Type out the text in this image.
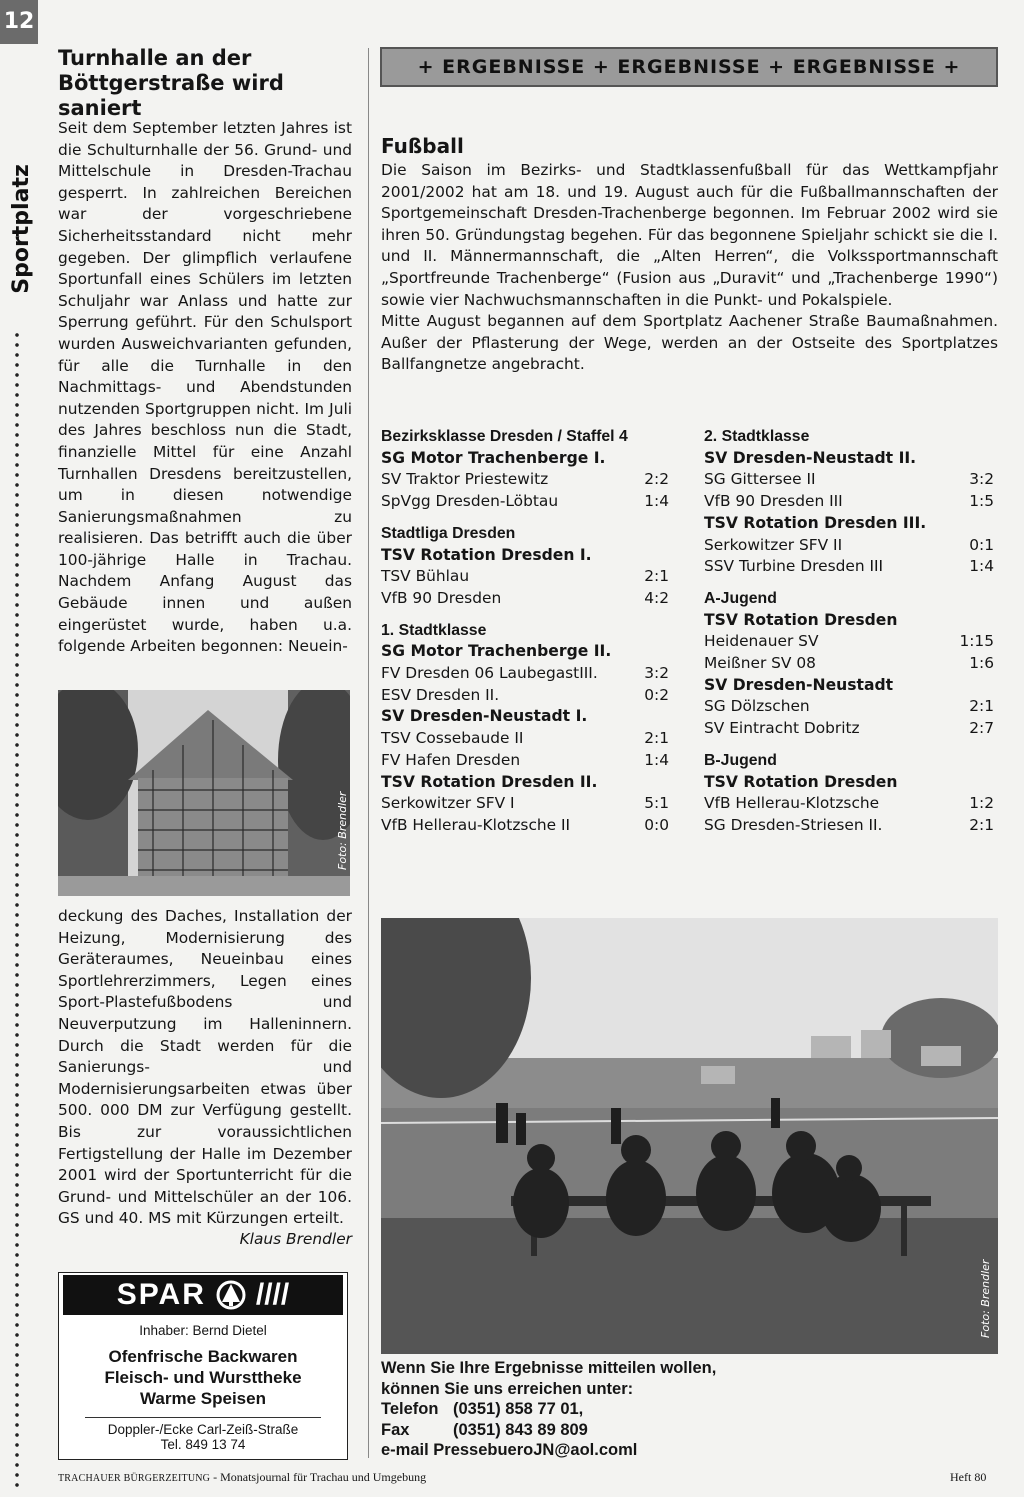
12
Sportplatz
Turnhalle an der Böttgerstraße wird saniert
Seit dem September letzten Jahres ist die Schulturnhalle der 56. Grund- und Mittelschule in Dresden-Trachau gesperrt. In zahlreichen Bereichen war der vorgeschriebene Sicherheitsstandard nicht mehr gegeben. Der glimpflich verlaufene Sportunfall eines Schülers im letzten Schuljahr war Anlass und hatte zur Sperrung geführt. Für den Schulsport wurden Ausweichvarianten gefunden, für alle die Turnhalle in den Nachmittags- und Abendstunden nutzenden Sportgruppen nicht. Im Juli des Jahres beschloss nun die Stadt, finanzielle Mittel für eine Anzahl Turnhallen Dresdens bereitzustellen, um in diesen notwendige Sanierungsmaßnahmen zu realisieren. Das betrifft auch die über 100-jährige Halle in Trachau. Nachdem Anfang August das Gebäude innen und außen eingerüstet wurde, haben u.a. folgende Arbeiten begonnen: Neuein-
Foto: Brendler
deckung des Daches, Installation der Heizung, Modernisierung des Geräteraumes, Neueinbau eines Sportlehrerzimmers, Legen eines Sport-Plastefußbodens und Neuverputzung im Halleninnern. Durch die Stadt werden für die Sanierungs- und Modernisierungsarbeiten etwas über 500. 000 DM zur Verfügung gestellt. Bis zur voraussichtlichen Fertigstellung der Halle im Dezember 2001 wird der Sportunterricht für die Grund- und Mittelschüler an der 106. GS und 40. MS mit Kürzungen erteilt.
Klaus Brendler
SPAR ////
Inhaber: Bernd Dietel
Ofenfrische Backwaren
Fleisch- und Wursttheke
Warme Speisen
Doppler-/Ecke Carl-Zeiß-Straße
Tel. 849 13 74
+ ERGEBNISSE + ERGEBNISSE + ERGEBNISSE +
Fußball
Die Saison im Bezirks- und Stadtklassenfußball für das Wettkampfjahr 2001/2002 hat am 18. und 19. August auch für die Fußballmannschaften der Sportgemeinschaft Dresden-Trachenberge begonnen. Im Februar 2002 wird sie ihren 50. Gründungstag begehen. Für das begonnene Spieljahr schickt sie die I. und II. Männermannschaft, die „Alten Herren“, die Volkssportmannschaft „Sportfreunde Trachenberge“ (Fusion aus „Duravit“ und „Trachenberge 1990“) sowie vier Nachwuchsmannschaften in die Punkt- und Pokalspiele.
Mitte August begannen auf dem Sportplatz Aachener Straße Baumaßnahmen. Außer der Pflasterung der Wege, werden an der Ostseite des Sportplatzes Ballfangnetze angebracht.
Bezirksklasse Dresden / Staffel 4
SG Motor Trachenberge I.
SV Traktor Priestewitz	2:2
SpVgg Dresden-Löbtau	1:4
Stadtliga Dresden
TSV Rotation Dresden I.
TSV Bühlau	2:1
VfB 90 Dresden	4:2
1. Stadtklasse
SG Motor Trachenberge II.
FV Dresden 06 LaubegastIII.	3:2
ESV Dresden II.	0:2
SV Dresden-Neustadt I.
TSV Cossebaude II	2:1
FV Hafen Dresden	1:4
TSV Rotation Dresden II.
Serkowitzer SFV I	5:1
VfB Hellerau-Klotzsche II	0:0
2. Stadtklasse
SV Dresden-Neustadt II.
SG Gittersee II	3:2
VfB 90 Dresden III	1:5
TSV Rotation Dresden III.
Serkowitzer SFV II	0:1
SSV Turbine Dresden III	1:4
A-Jugend
TSV Rotation Dresden
Heidenauer SV	1:15
Meißner SV 08	1:6
SV Dresden-Neustadt
SG Dölzschen	2:1
SV Eintracht Dobritz	2:7
B-Jugend
TSV Rotation Dresden
VfB Hellerau-Klotzsche	1:2
SG Dresden-Striesen II.	2:1
Foto: Brendler
Wenn Sie Ihre Ergebnisse mitteilen wollen,
können Sie uns erreichen unter:
Telefon (0351) 858 77 01,
Fax	(0351) 843 89 809
e-mail PressebueroJN@aol.coml
TRACHAUER BÜRGERZEITUNG - Monatsjournal für Trachau und Umgebung	Heft 80
